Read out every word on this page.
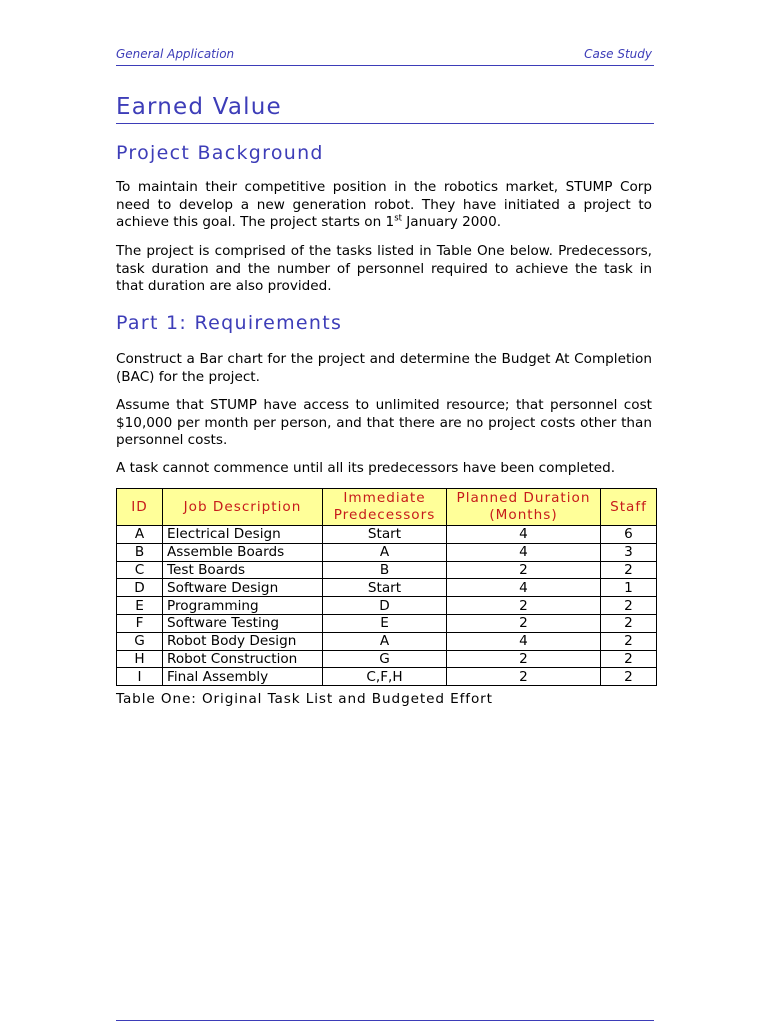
General Application	Case Study
Earned Value
Project Background

To maintain their competitive position in the robotics market, STUMP Corp need to develop a new generation robot. They have initiated a project to achieve this goal. The project starts on 1st January 2000.

The project is comprised of the tasks listed in Table One below. Predecessors, task duration and the number of personnel required to achieve the task in that duration are also provided.

Part 1: Requirements

Construct a Bar chart for the project and determine the Budget At Completion (BAC) for the project.

Assume that STUMP have access to unlimited resource; that personnel cost $10,000 per month per person, and that there are no project costs other than personnel costs.

A task cannot commence until all its predecessors have been completed.

ID	Job Description	Immediate Predecessors	Planned Duration (Months)	Staff
A	Electrical Design	Start	4	6
B	Assemble Boards	A	4	3
C	Test Boards	B	2	2
D	Software Design	Start	4	1
E	Programming	D	2	2
F	Software Testing	E	2	2
G	Robot Body Design	A	4	2
H	Robot Construction	G	2	2
I	Final Assembly	C,F,H	2	2
Table One: Original Task List and Budgeted Effort
